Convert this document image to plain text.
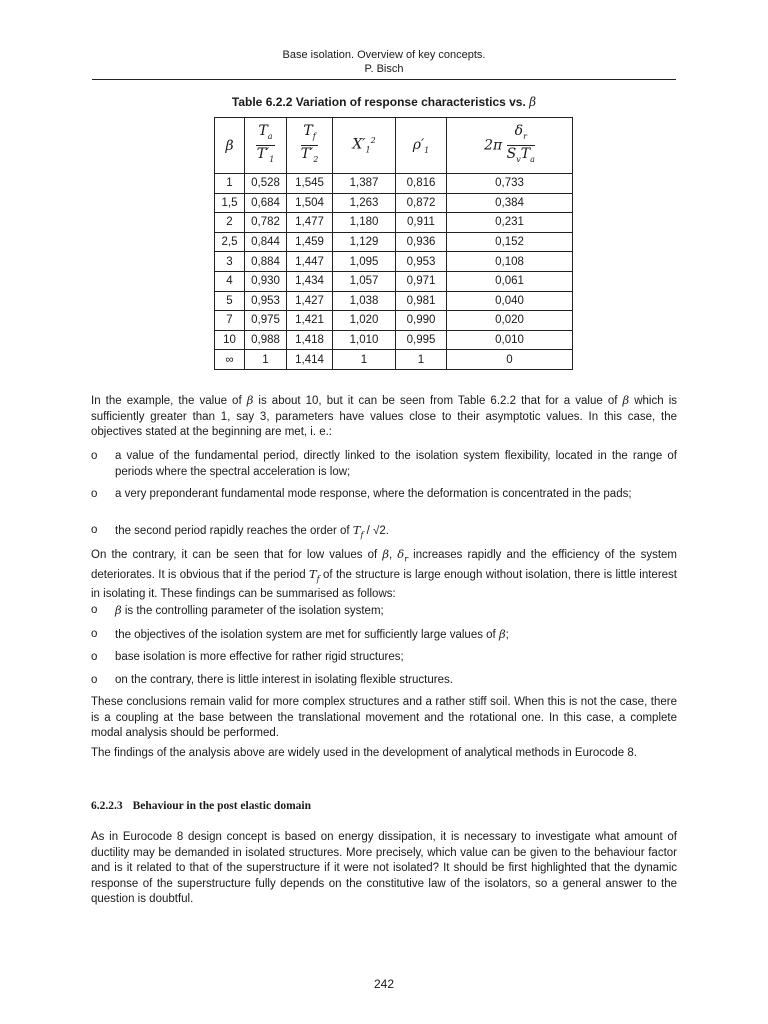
Base isolation. Overview of key concepts.
P. Bisch
Table 6.2.2 Variation of response characteristics vs. β
β	$\frac{T_a}{T'_1}$	$\frac{T_f}{T'_2}$	$X'_1^2$	$\rho'_1$	$2\pi \frac{\delta_r}{S_vT_a}$

1	0,528	1,545	1,387	0,816	0,733
1,5	0,684	1,504	1,263	0,872	0,384
2	0,782	1,477	1,180	0,911	0,231
2,5	0,844	1,459	1,129	0,936	0,152
3	0,884	1,447	1,095	0,953	0,108
4	0,930	1,434	1,057	0,971	0,061
5	0,953	1,427	1,038	0,981	0,040
7	0,975	1,421	1,020	0,990	0,020
10	0,988	1,418	1,010	0,995	0,010
∞	1	1,414	1	1	0

In the example, the value of β is about 10, but it can be seen from Table 6.2.2 that for a value of β which is sufficiently greater than 1, say 3, parameters have values close to their asymptotic values. In this case, the objectives stated at the beginning are met, i. e.:

o a value of the fundamental period, directly linked to the isolation system flexibility, located in the range of periods where the spectral acceleration is low;
o a very preponderant fundamental mode response, where the deformation is concentrated in the pads;
o the second period rapidly reaches the order of $T_f / √2$.

On the contrary, it can be seen that for low values of β, $\delta_r$ increases rapidly and the efficiency of the system deteriorates. It is obvious that if the period $T_f$ of the structure is large enough without isolation, there is little interest in isolating it. These findings can be summarised as follows:

o β is the controlling parameter of the isolation system;
o the objectives of the isolation system are met for sufficiently large values of β;
o base isolation is more effective for rather rigid structures;
o on the contrary, there is little interest in isolating flexible structures.

These conclusions remain valid for more complex structures and a rather stiff soil. When this is not the case, there is a coupling at the base between the translational movement and the rotational one. In this case, a complete modal analysis should be performed.

The findings of the analysis above are widely used in the development of analytical methods in Eurocode 8.

6.2.2.3 Behaviour in the post elastic domain

As in Eurocode 8 design concept is based on energy dissipation, it is necessary to investigate what amount of ductility may be demanded in isolated structures. More precisely, which value can be given to the behaviour factor and is it related to that of the superstructure if it were not isolated? It should be first highlighted that the dynamic response of the superstructure fully depends on the constitutive law of the isolators, so a general answer to the question is doubtful.

242
